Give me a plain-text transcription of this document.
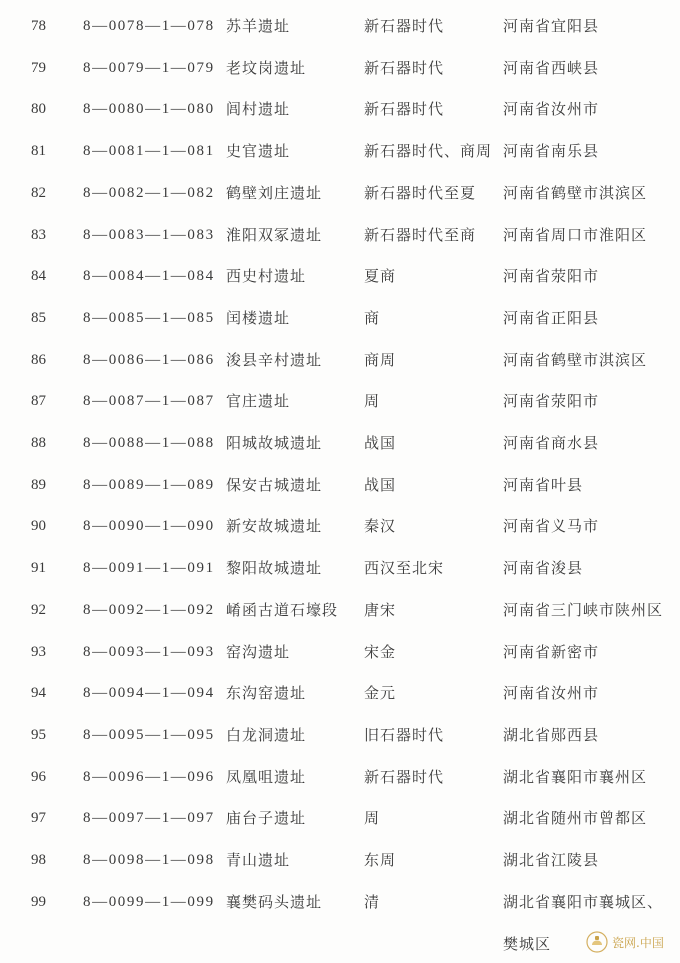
78 8—0078—1—078 苏羊遗址	新石器时代	河南省宜阳县
79 8—0079—1—079 老坟岗遗址	新石器时代	河南省西峡县
80 8—0080—1—080 闾村遗址	新石器时代	河南省汝州市
81 8—0081—1—081 史官遗址	新石器时代、商周 河南省南乐县
82 8—0082—1—082 鹤壁刘庄遗址	新石器时代至夏 河南省鹤壁市淇滨区
83 8—0083—1—083 淮阳双冢遗址	新石器时代至商 河南省周口市淮阳区
84 8—0084—1—084 西史村遗址	夏商	河南省荥阳市
85 8—0085—1—085 闰楼遗址	商	河南省正阳县
86 8—0086—1—086 浚县辛村遗址	商周	河南省鹤壁市淇滨区
87 8—0087—1—087 官庄遗址	周	河南省荥阳市
88 8—0088—1—088 阳城故城遗址	战国	河南省商水县
89 8—0089—1—089 保安古城遗址	战国	河南省叶县
90 8—0090—1—090 新安故城遗址	秦汉	河南省义马市
91 8—0091—1—091 黎阳故城遗址	西汉至北宋	河南省浚县
92 8—0092—1—092 崤函古道石壕段 唐宋	河南省三门峡市陕州区
93 8—0093—1—093 窑沟遗址	宋金	河南省新密市
94 8—0094—1—094 东沟窑遗址	金元	河南省汝州市
95 8—0095—1—095 白龙洞遗址	旧石器时代	湖北省郧西县
96 8—0096—1—096 凤凰咀遗址	新石器时代	湖北省襄阳市襄州区
97 8—0097—1—097 庙台子遗址	周	湖北省随州市曾都区
98 8—0098—1—098 青山遗址	东周	湖北省江陵县
99 8—0099—1—099 襄樊码头遗址	清	湖北省襄阳市襄城区、
樊城区	瓷网.中国
